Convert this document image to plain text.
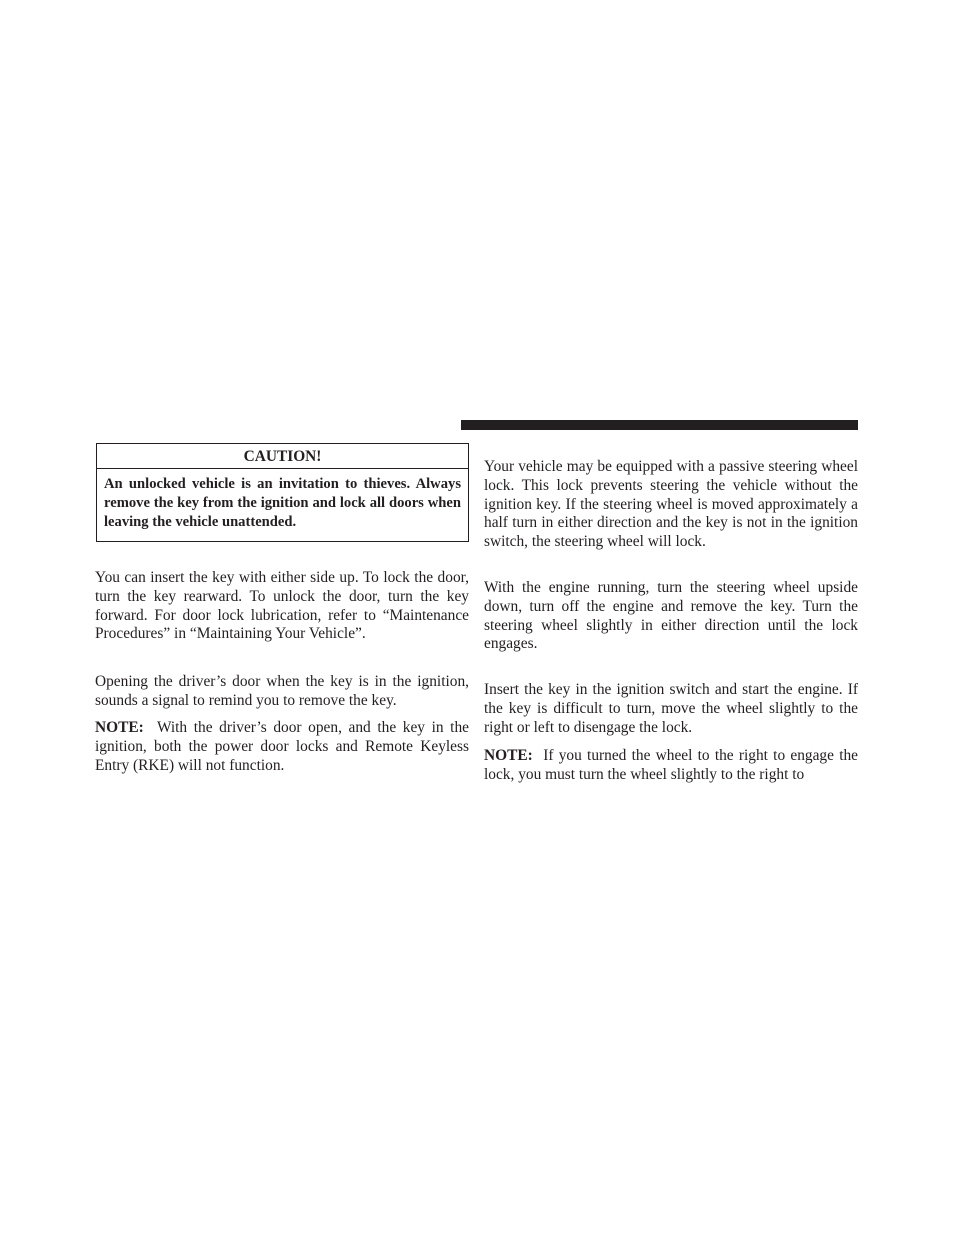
CAUTION!
An unlocked vehicle is an invitation to thieves. Always remove the key from the ignition and lock all doors when leaving the vehicle unattended.

You can insert the key with either side up. To lock the door, turn the key rearward. To unlock the door, turn the key forward. For door lock lubrication, refer to “Maintenance Procedures” in “Maintaining Your Vehicle”.

Opening the driver’s door when the key is in the ignition, sounds a signal to remind you to remove the key.

NOTE: With the driver’s door open, and the key in the ignition, both the power door locks and Remote Keyless Entry (RKE) will not function.

Your vehicle may be equipped with a passive steering wheel lock. This lock prevents steering the vehicle without the ignition key. If the steering wheel is moved approximately a half turn in either direction and the key is not in the ignition switch, the steering wheel will lock.

With the engine running, turn the steering wheel upside down, turn off the engine and remove the key. Turn the steering wheel slightly in either direction until the lock engages.

Insert the key in the ignition switch and start the engine. If the key is difficult to turn, move the wheel slightly to the right or left to disengage the lock.

NOTE: If you turned the wheel to the right to engage the lock, you must turn the wheel slightly to the right to
